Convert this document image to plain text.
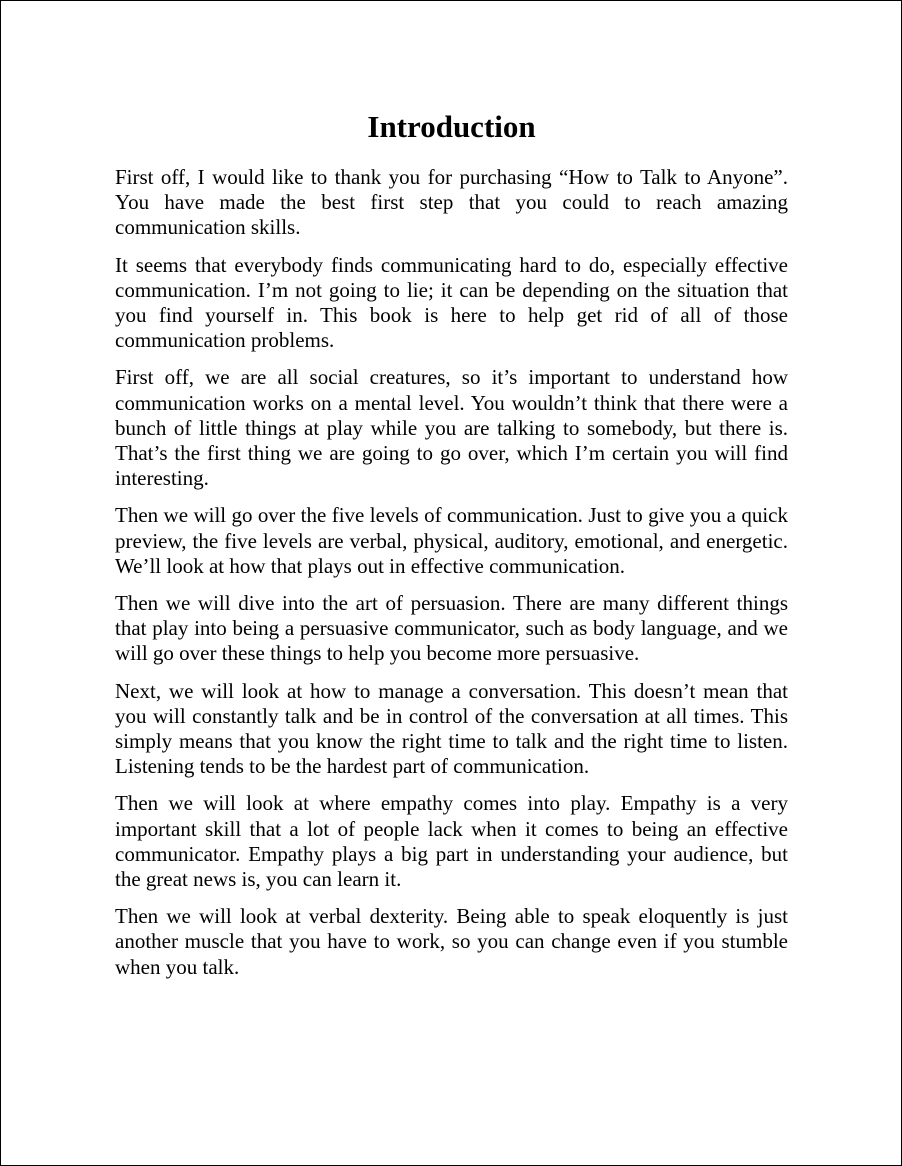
Introduction

First off, I would like to thank you for purchasing “How to Talk to Anyone”. You have made the best first step that you could to reach amazing communication skills.

It seems that everybody finds communicating hard to do, especially effective communication. I’m not going to lie; it can be depending on the situation that you find yourself in. This book is here to help get rid of all of those communication problems.

First off, we are all social creatures, so it’s important to understand how communication works on a mental level. You wouldn’t think that there were a bunch of little things at play while you are talking to somebody, but there is. That’s the first thing we are going to go over, which I’m certain you will find interesting.

Then we will go over the five levels of communication. Just to give you a quick preview, the five levels are verbal, physical, auditory, emotional, and energetic. We’ll look at how that plays out in effective communication.

Then we will dive into the art of persuasion. There are many different things that play into being a persuasive communicator, such as body language, and we will go over these things to help you become more persuasive.

Next, we will look at how to manage a conversation. This doesn’t mean that you will constantly talk and be in control of the conversation at all times. This simply means that you know the right time to talk and the right time to listen. Listening tends to be the hardest part of communication.

Then we will look at where empathy comes into play. Empathy is a very important skill that a lot of people lack when it comes to being an effective communicator. Empathy plays a big part in understanding your audience, but the great news is, you can learn it.

Then we will look at verbal dexterity. Being able to speak eloquently is just another muscle that you have to work, so you can change even if you stumble when you talk.
